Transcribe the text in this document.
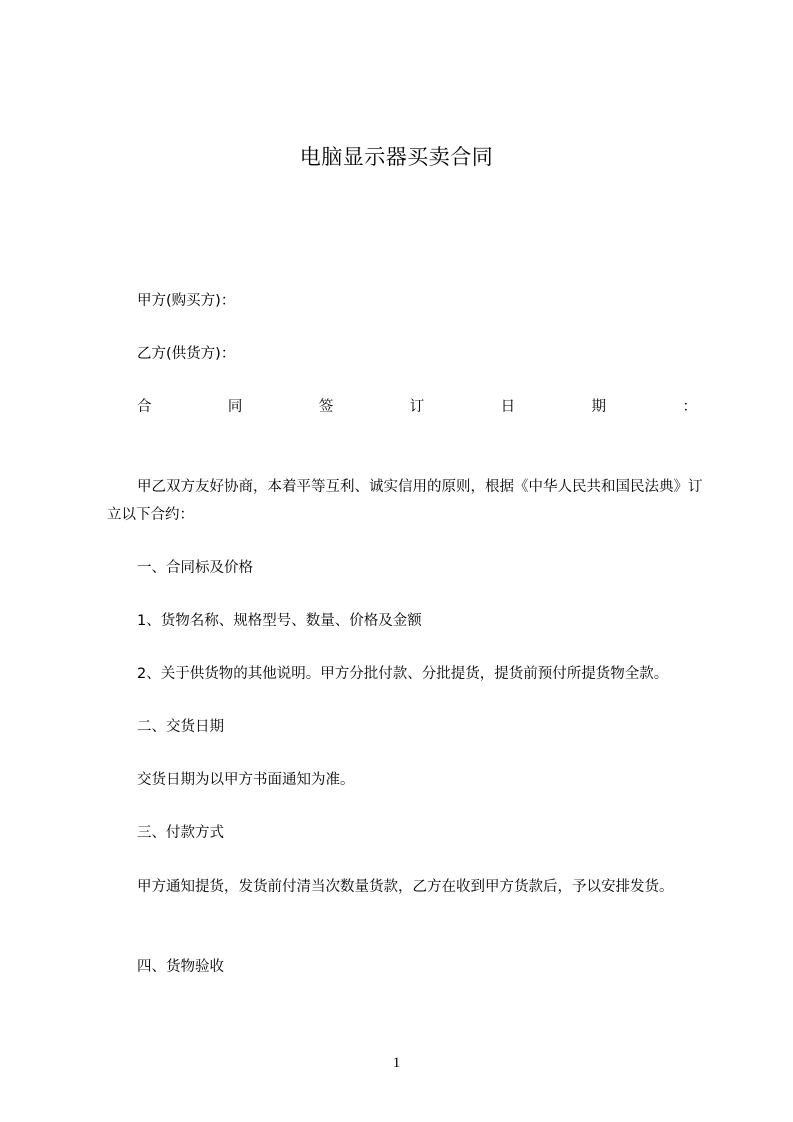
电脑显示器买卖合同
甲方(购买方)：
乙方(供货方)：
合	同	签	订	日	期	：
甲乙双方友好协商，本着平等互利、诚实信用的原则，根据《中华人民共和国民法典》订立以下合约：
一、合同标及价格
1、货物名称、规格型号、数量、价格及金额
2、关于供货物的其他说明。甲方分批付款、分批提货，提货前预付所提货物全款。
二、交货日期
交货日期为以甲方书面通知为准。
三、付款方式
甲方通知提货，发货前付清当次数量货款，乙方在收到甲方货款后，予以安排发货。
四、货物验收
1
